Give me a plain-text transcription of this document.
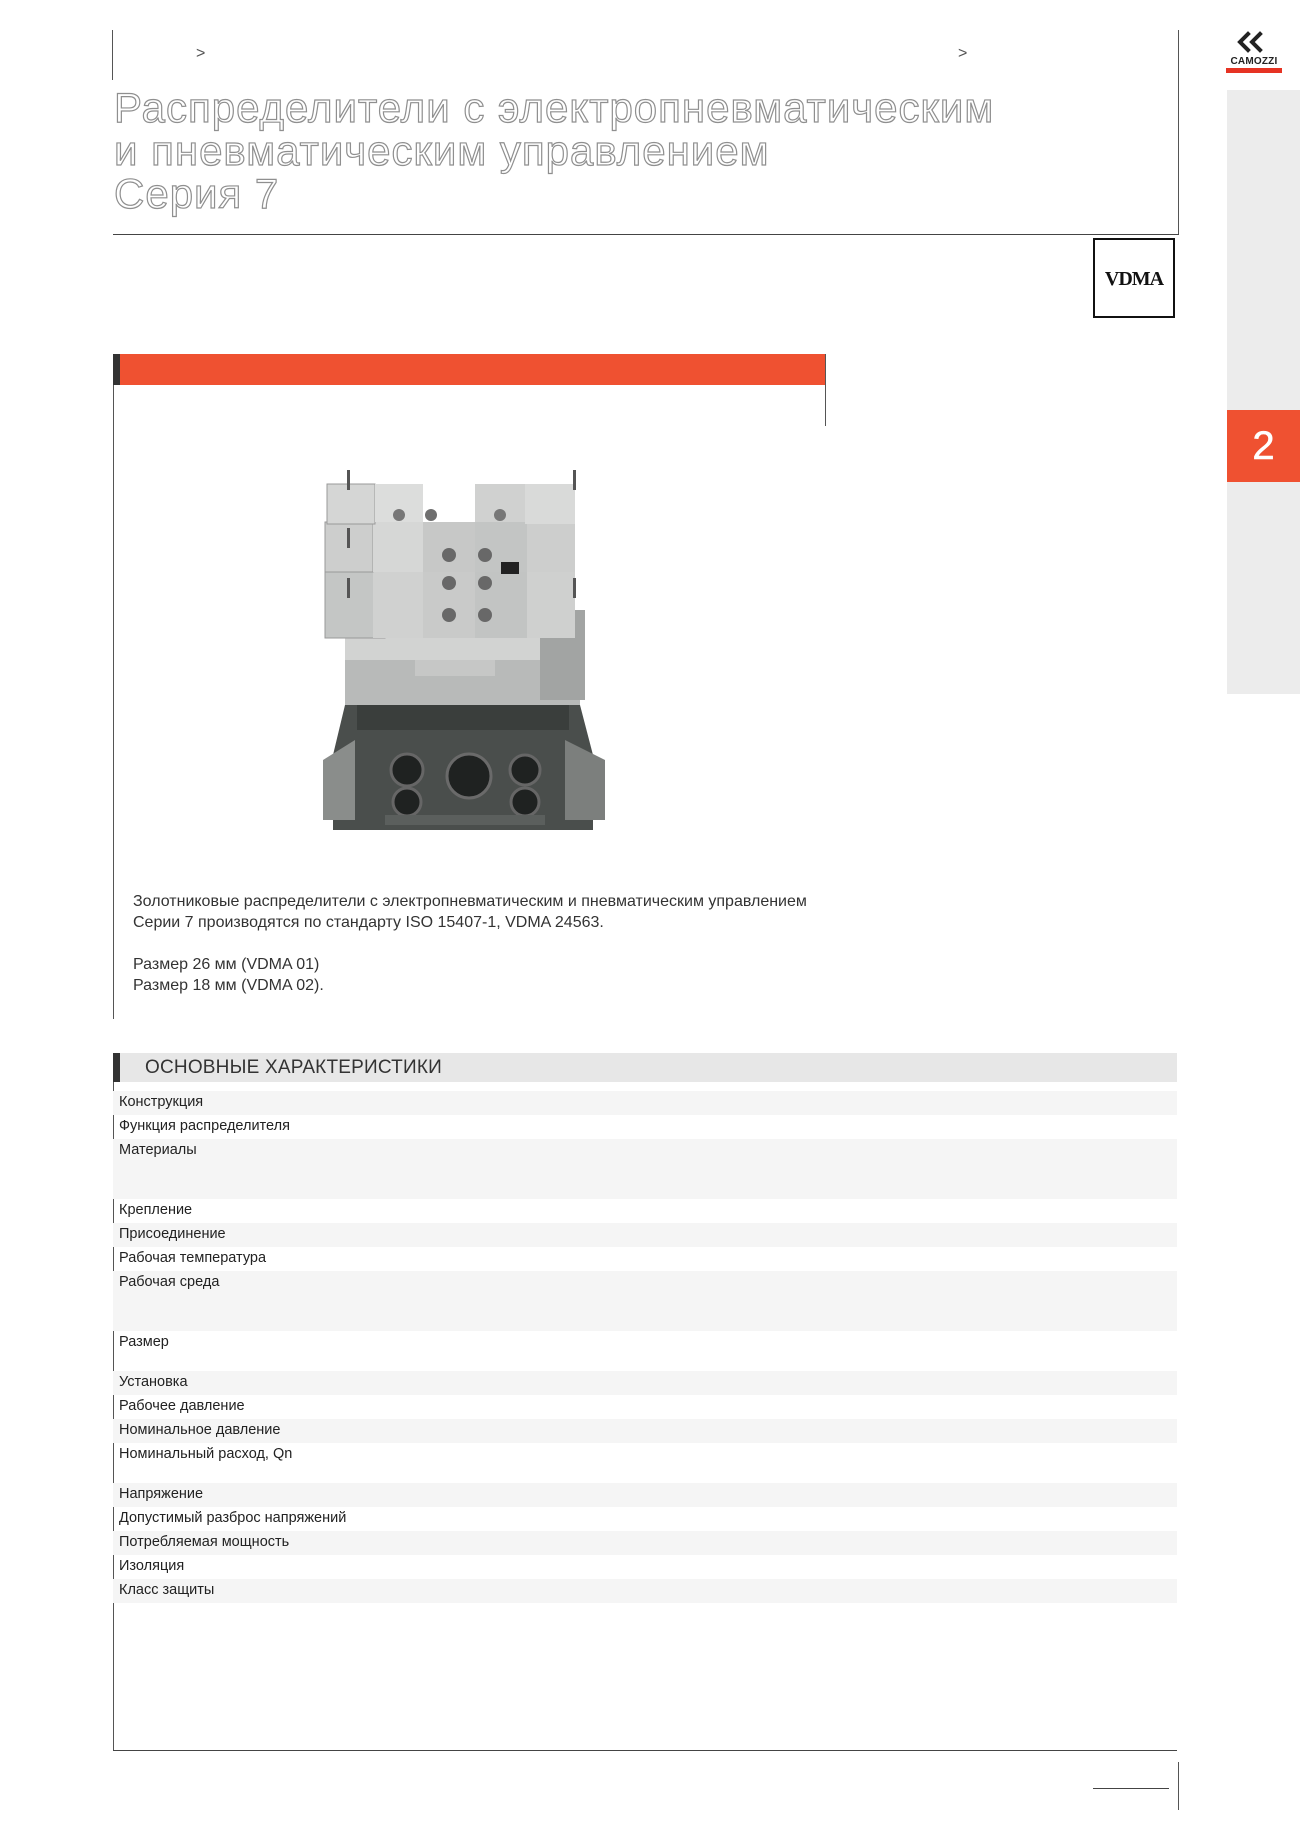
>	>
Распределители с электропневматическим
и пневматическим управлением
Серия 7
CAMOZZI
2
VDMA

Золотниковые распределители с электропневматическим и пневматическим управлением Серии 7 производятся по стандарту ISO 15407-1, VDMA 24563.

Размер 26 мм (VDMA 01)
Размер 18 мм (VDMA 02).

ОСНОВНЫЕ ХАРАКТЕРИСТИКИ
Конструкция
Функция распределителя
Материалы
Крепление
Присоединение
Рабочая температура
Рабочая среда
Размер
Установка
Рабочее давление
Номинальное давление
Номинальный расход, Qn
Напряжение
Допустимый разброс напряжений
Потребляемая мощность
Изоляция
Класс защиты
